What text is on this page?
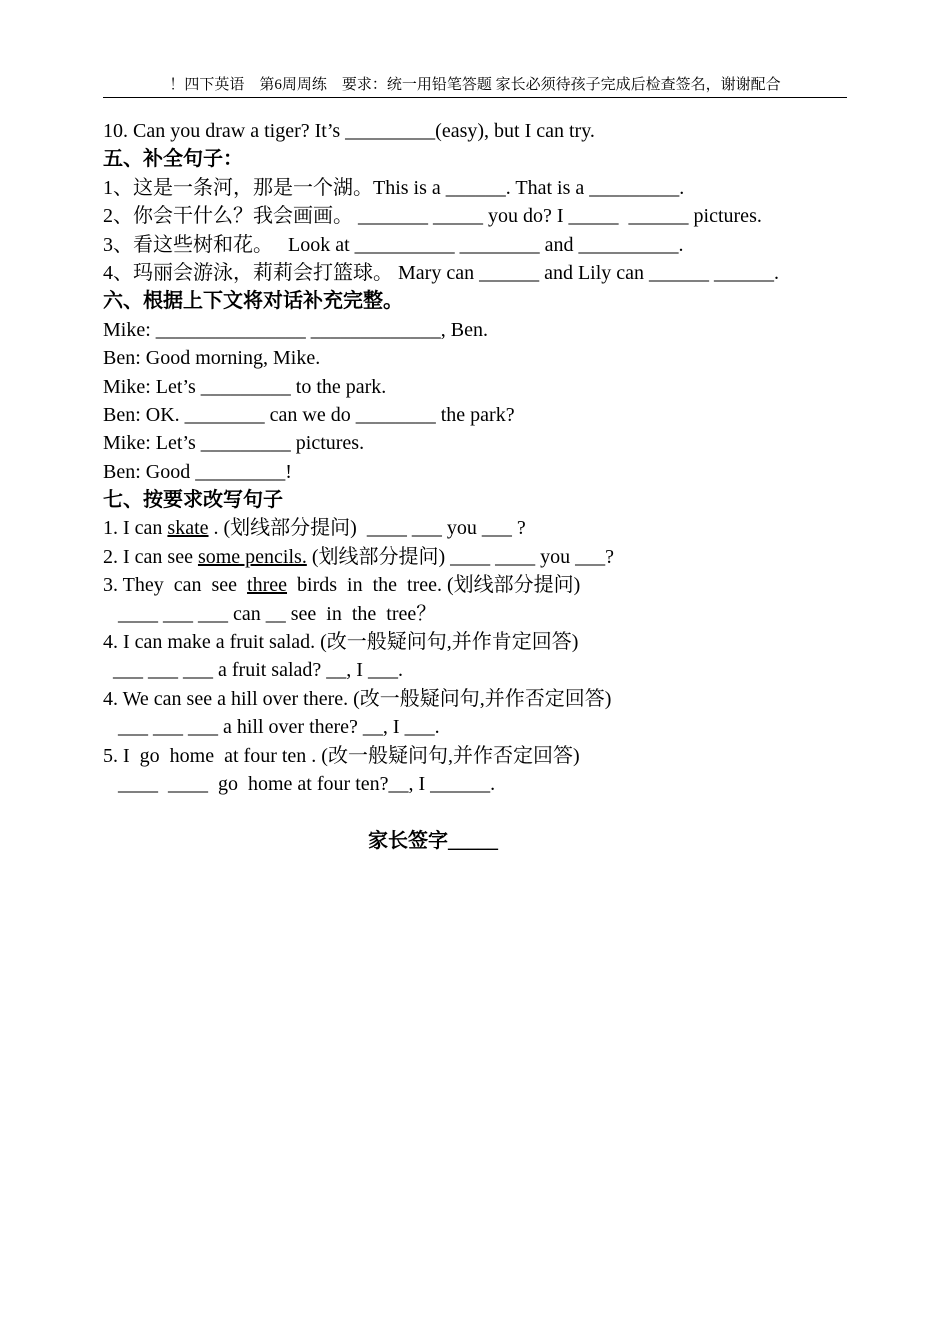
！四下英语　第6周周练　要求：统一用铅笔答题 家长必须待孩子完成后检查签名，谢谢配合
10. Can you draw a tiger? It’s _________(easy), but I can try.
五、补全句子：
1、这是一条河，那是一个湖。This is a ______. That is a _________.
2、你会干什么？我会画画。 _______ _____ you do? I _____  ______ pictures.
3、看这些树和花。   Look at __________ ________ and __________.
4、玛丽会游泳，莉莉会打篮球。 Mary can ______ and Lily can ______ ______.
六、根据上下文将对话补充完整。
Mike: _______________ _____________, Ben.
Ben: Good morning, Mike.
Mike: Let’s _________ to the park.
Ben: OK. ________ can we do ________ the park?
Mike: Let’s _________ pictures.
Ben: Good _________!
七、按要求改写句子
1. I can skate . (划线部分提问)  ____ ___ you ___ ?
2. I can see some pencils. (划线部分提问) ____ ____ you ___?
3. They  can  see  three  birds  in  the  tree. (划线部分提问)
____ ___ ___ can __ see  in  the  tree？
4. I can make a fruit salad. (改一般疑问句,并作肯定回答)
___ ___ ___ a fruit salad? __, I ___.
4. We can see a hill over there. (改一般疑问句,并作否定回答)
___ ___ ___ a hill over there? __, I ___.
5. I  go  home  at four ten . (改一般疑问句,并作否定回答)
____  ____  go  home at four ten?__, I ______.
家长签字_____
